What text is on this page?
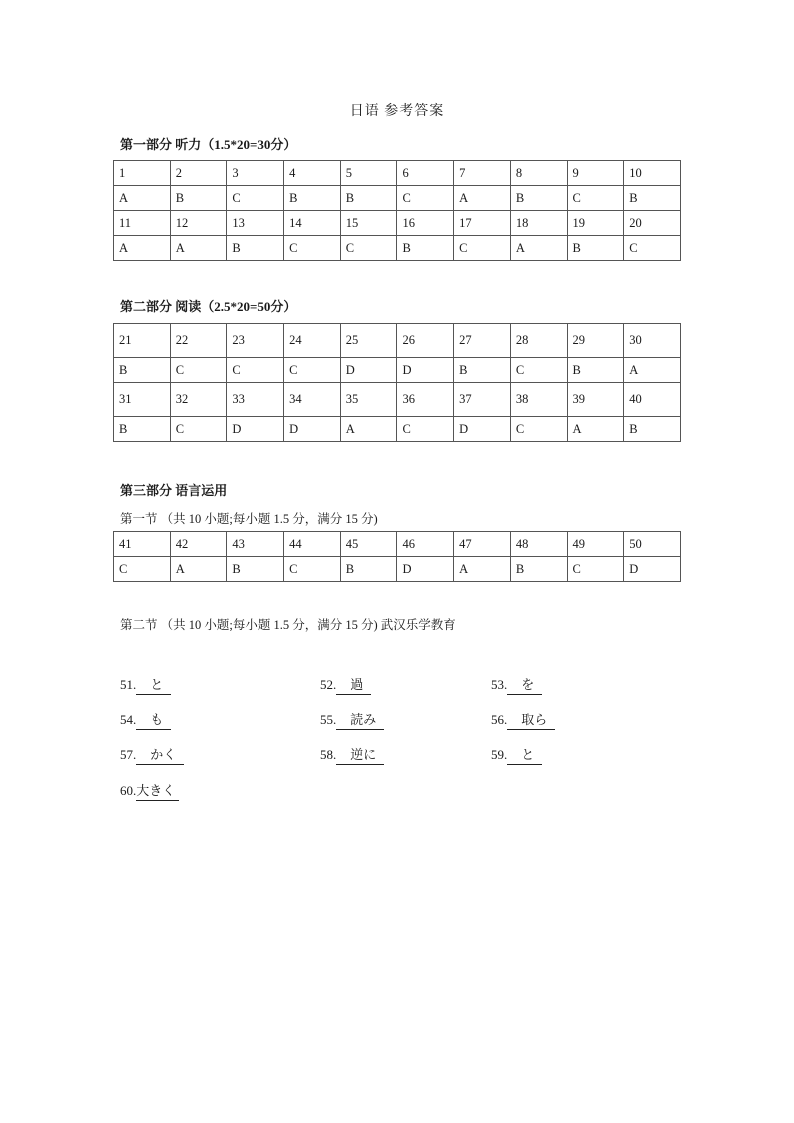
日语 参考答案
第一部分 听力（1.5*20=30分）
1	2	3	4	5	6	7	8	9	10
A	B	C	B	B	C	A	B	C	B
11	12	13	14	15	16	17	18	19	20
A	A	B	C	C	B	C	A	B	C
第二部分 阅读（2.5*20=50分）
21	22	23	24	25	26	27	28	29	30
B	C	C	C	D	D	B	C	B	A
31	32	33	34	35	36	37	38	39	40
B	C	D	D	A	C	D	C	A	B
第三部分 语言运用
第一节 （共 10 小题;每小题 1.5 分，满分 15 分)
41	42	43	44	45	46	47	48	49	50
C	A	B	C	B	D	A	B	C	D
第二节 （共 10 小题;每小题 1.5 分，满分 15 分) 武汉乐学教育
51. と	52. 過	53. を
54. も	55. 読み	56. 取ら
57. かく	58. 逆に	59. と
60.大きく
